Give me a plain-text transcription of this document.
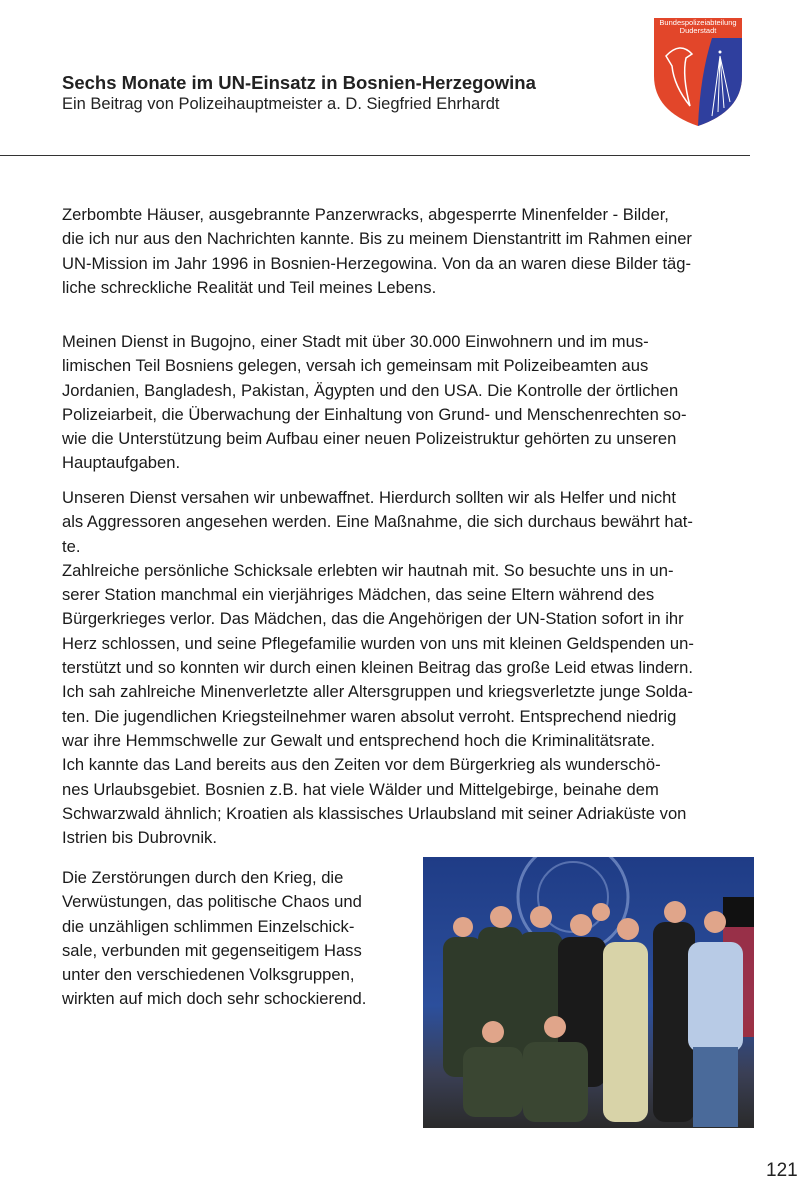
Sechs Monate im UN-Einsatz in Bosnien-Herzegowina
Ein Beitrag von Polizeihauptmeister a. D. Siegfried Ehrhardt
Bundespolizeiabteilung
Duderstadt
Zerbombte Häuser, ausgebrannte Panzerwracks, abgesperrte Minenfelder - Bilder,
die ich nur aus den Nachrichten kannte. Bis zu meinem Dienstantritt im Rahmen einer
UN-Mission im Jahr 1996 in Bosnien-Herzegowina. Von da an waren diese Bilder täg-
liche schreckliche Realität und Teil meines Lebens.
Meinen Dienst in Bugojno, einer Stadt mit über 30.000 Einwohnern und im mus-
limischen Teil Bosniens gelegen, versah ich gemeinsam mit Polizeibeamten aus
Jordanien, Bangladesh, Pakistan, Ägypten und den USA. Die Kontrolle der örtlichen
Polizeiarbeit, die Überwachung der Einhaltung von Grund- und Menschenrechten so-
wie die Unterstützung beim Aufbau einer neuen Polizeistruktur gehörten zu unseren
Hauptaufgaben.
Unseren Dienst versahen wir unbewaffnet. Hierdurch sollten wir als Helfer und nicht
als Aggressoren angesehen werden. Eine Maßnahme, die sich durchaus bewährt hat-
te.
Zahlreiche persönliche Schicksale erlebten wir hautnah mit. So besuchte uns in un-
serer Station manchmal ein vierjähriges Mädchen, das seine Eltern während des
Bürgerkrieges verlor. Das Mädchen, das die Angehörigen der UN-Station sofort in ihr
Herz schlossen, und seine Pflegefamilie wurden von uns mit kleinen Geldspenden un-
terstützt und so konnten wir durch einen kleinen Beitrag das große Leid etwas lindern.
Ich sah zahlreiche Minenverletzte aller Altersgruppen und kriegsverletzte junge Solda-
ten. Die jugendlichen Kriegsteilnehmer waren absolut verroht. Entsprechend niedrig
war ihre Hemmschwelle zur Gewalt und entsprechend hoch die Kriminalitätsrate.
Ich kannte das Land bereits aus den Zeiten vor dem Bürgerkrieg als wunderschö-
nes Urlaubsgebiet. Bosnien z.B. hat viele Wälder und Mittelgebirge, beinahe dem
Schwarzwald ähnlich; Kroatien als klassisches Urlaubsland mit seiner Adriaküste von
Istrien bis Dubrovnik.
Die Zerstörungen durch den Krieg, die
Verwüstungen, das politische Chaos und
die unzähligen schlimmen Einzelschick-
sale, verbunden mit gegenseitigem Hass
unter den verschiedenen Volksgruppen,
wirkten auf mich doch sehr schockierend.
121
